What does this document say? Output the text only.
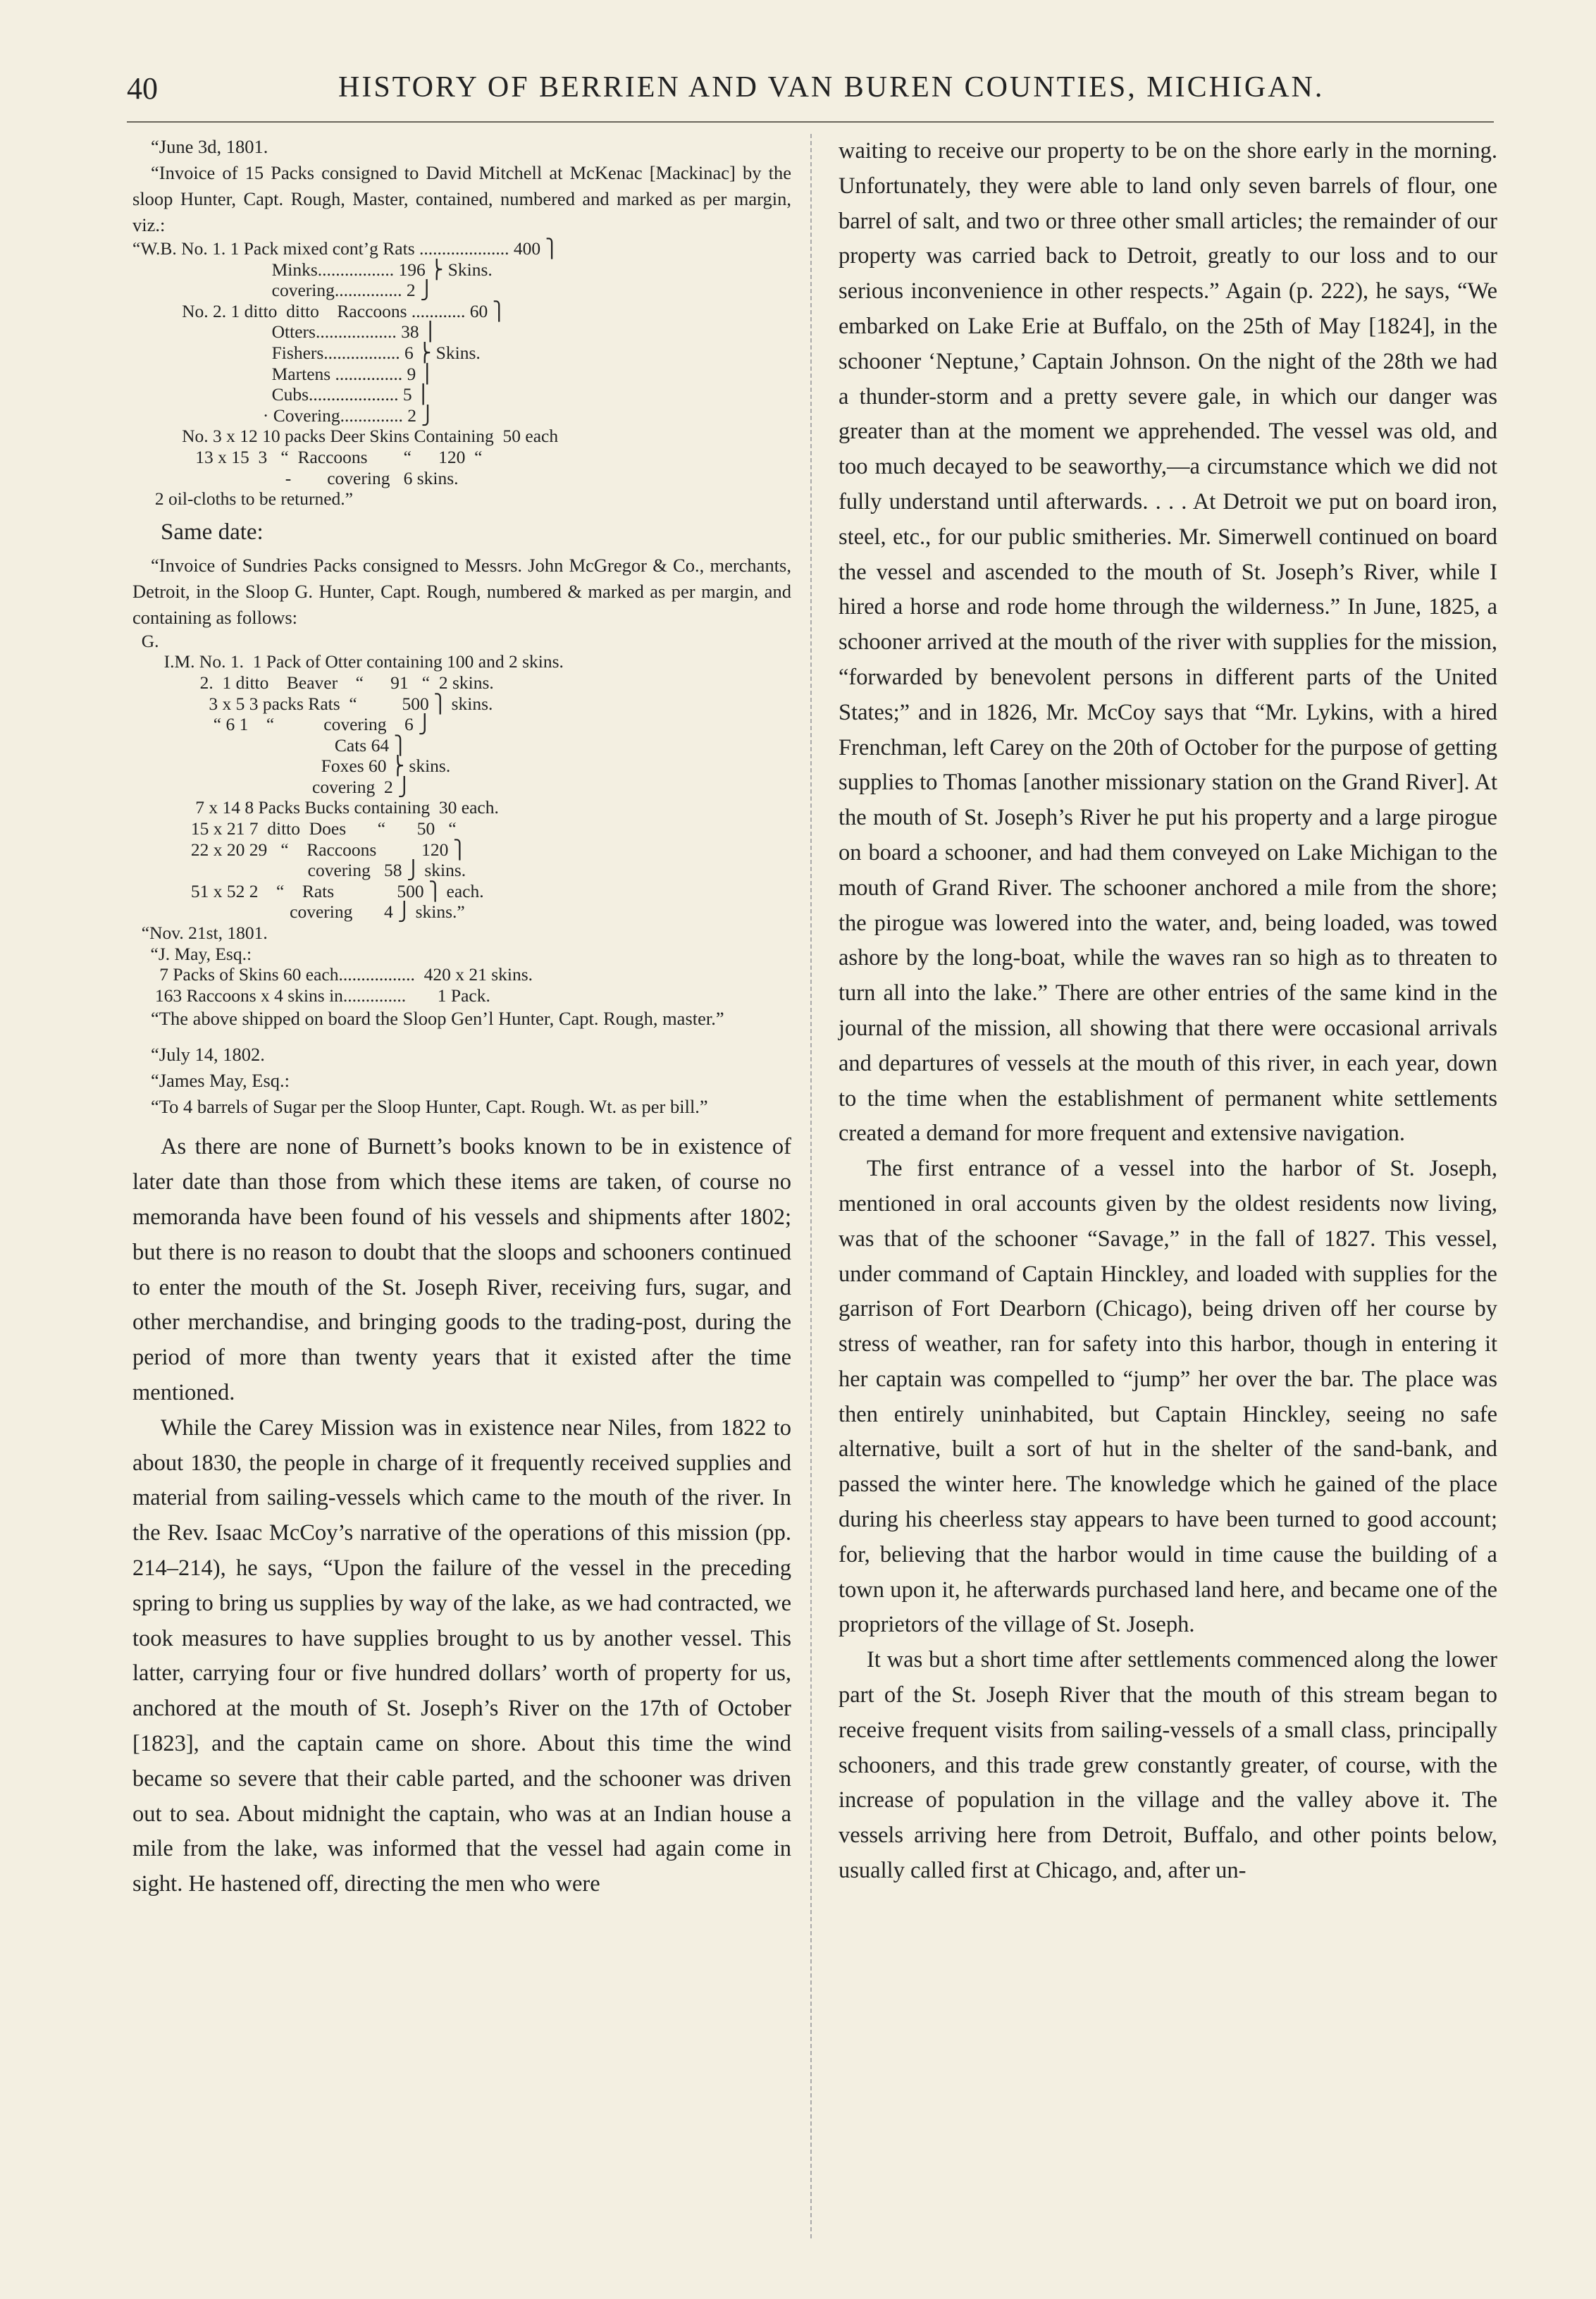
40	HISTORY OF BERRIEN AND VAN BUREN COUNTIES, MICHIGAN.

“June 3d, 1801.

“Invoice of 15 Packs consigned to David Mitchell at McKenac [Mackinac] by the sloop Hunter, Capt. Rough, Master, contained, numbered and marked as per margin, viz.:

“W.B. No. 1. 1 Pack mixed cont’g Rats .................... 400 ⎫
Minks................. 196 ⎬ Skins.
covering............... 2 ⎭
No. 2. 1 ditto  ditto    Raccoons ............ 60 ⎫
Otters.................. 38 ⎪
Fishers................. 6 ⎬ Skins.
Martens ............... 9 ⎪
Cubs.................... 5 ⎪
· Covering.............. 2 ⎭
No. 3 x 12 10 packs Deer Skins Containing  50 each
13 x 15  3   “  Raccoons        “      120  “
‑        covering   6 skins.
2 oil-cloths to be returned.”
Same date:

“Invoice of Sundries Packs consigned to Messrs. John McGregor & Co., merchants, Detroit, in the Sloop G. Hunter, Capt. Rough, numbered & marked as per margin, and containing as follows:

G.
I.M. No. 1.  1 Pack of Otter containing 100 and 2 skins.
2.  1 ditto    Beaver    “      91   “  2 skins.
3 x 5 3 packs Rats  “          500 ⎫ skins.
“ 6 1    “           covering    6 ⎭
Cats 64 ⎫
Foxes 60 ⎬ skins.
covering  2 ⎭
7 x 14 8 Packs Bucks containing  30 each.
15 x 21 7  ditto  Does       “       50   “
22 x 20 29   “    Raccoons          120 ⎫
covering   58 ⎭ skins.
51 x 52 2    “    Rats              500 ⎫ each.
covering       4 ⎭ skins.”
“Nov. 21st, 1801.
“J. May, Esq.:
7 Packs of Skins 60 each.................  420 x 21 skins.
163 Raccoons x 4 skins in..............       1 Pack.

“The above shipped on board the Sloop Gen’l Hunter, Capt. Rough, master.”

“July 14, 1802.

“James May, Esq.:

“To 4 barrels of Sugar per the Sloop Hunter, Capt. Rough. Wt. as per bill.”

As there are none of Burnett’s books known to be in existence of later date than those from which these items are taken, of course no memoranda have been found of his vessels and shipments after 1802; but there is no reason to doubt that the sloops and schooners continued to enter the mouth of the St. Joseph River, receiving furs, sugar, and other merchandise, and bringing goods to the trading-post, during the period of more than twenty years that it existed after the time mentioned.

While the Carey Mission was in existence near Niles, from 1822 to about 1830, the people in charge of it frequently received supplies and material from sailing-vessels which came to the mouth of the river. In the Rev. Isaac McCoy’s narrative of the operations of this mission (pp. 214–214), he says, “Upon the failure of the vessel in the preceding spring to bring us supplies by way of the lake, as we had contracted, we took measures to have supplies brought to us by another vessel. This latter, carrying four or five hundred dollars’ worth of property for us, anchored at the mouth of St. Joseph’s River on the 17th of October [1823], and the captain came on shore. About this time the wind became so severe that their cable parted, and the schooner was driven out to sea. About midnight the captain, who was at an Indian house a mile from the lake, was informed that the vessel had again come in sight. He hastened off, directing the men who were

waiting to receive our property to be on the shore early in the morning. Unfortunately, they were able to land only seven barrels of flour, one barrel of salt, and two or three other small articles; the remainder of our property was carried back to Detroit, greatly to our loss and to our serious inconvenience in other respects.” Again (p. 222), he says, “We embarked on Lake Erie at Buffalo, on the 25th of May [1824], in the schooner ‘Neptune,’ Captain Johnson. On the night of the 28th we had a thunder-storm and a pretty severe gale, in which our danger was greater than at the moment we apprehended. The vessel was old, and too much decayed to be seaworthy,—a circumstance which we did not fully understand until afterwards. . . . At Detroit we put on board iron, steel, etc., for our public smitheries. Mr. Simerwell continued on board the vessel and ascended to the mouth of St. Joseph’s River, while I hired a horse and rode home through the wilderness.” In June, 1825, a schooner arrived at the mouth of the river with supplies for the mission, “forwarded by benevolent persons in different parts of the United States;” and in 1826, Mr. McCoy says that “Mr. Lykins, with a hired Frenchman, left Carey on the 20th of October for the purpose of getting supplies to Thomas [another missionary station on the Grand River]. At the mouth of St. Joseph’s River he put his property and a large pirogue on board a schooner, and had them conveyed on Lake Michigan to the mouth of Grand River. The schooner anchored a mile from the shore; the pirogue was lowered into the water, and, being loaded, was towed ashore by the long-boat, while the waves ran so high as to threaten to turn all into the lake.” There are other entries of the same kind in the journal of the mission, all showing that there were occasional arrivals and departures of vessels at the mouth of this river, in each year, down to the time when the establishment of permanent white settlements created a demand for more frequent and extensive navigation.

The first entrance of a vessel into the harbor of St. Joseph, mentioned in oral accounts given by the oldest residents now living, was that of the schooner “Savage,” in the fall of 1827. This vessel, under command of Captain Hinckley, and loaded with supplies for the garrison of Fort Dearborn (Chicago), being driven off her course by stress of weather, ran for safety into this harbor, though in entering it her captain was compelled to “jump” her over the bar. The place was then entirely uninhabited, but Captain Hinckley, seeing no safe alternative, built a sort of hut in the shelter of the sand-bank, and passed the winter here. The knowledge which he gained of the place during his cheerless stay appears to have been turned to good account; for, believing that the harbor would in time cause the building of a town upon it, he afterwards purchased land here, and became one of the proprietors of the village of St. Joseph.

It was but a short time after settlements commenced along the lower part of the St. Joseph River that the mouth of this stream began to receive frequent visits from sailing-vessels of a small class, principally schooners, and this trade grew constantly greater, of course, with the increase of population in the village and the valley above it. The vessels arriving here from Detroit, Buffalo, and other points below, usually called first at Chicago, and, after un-
